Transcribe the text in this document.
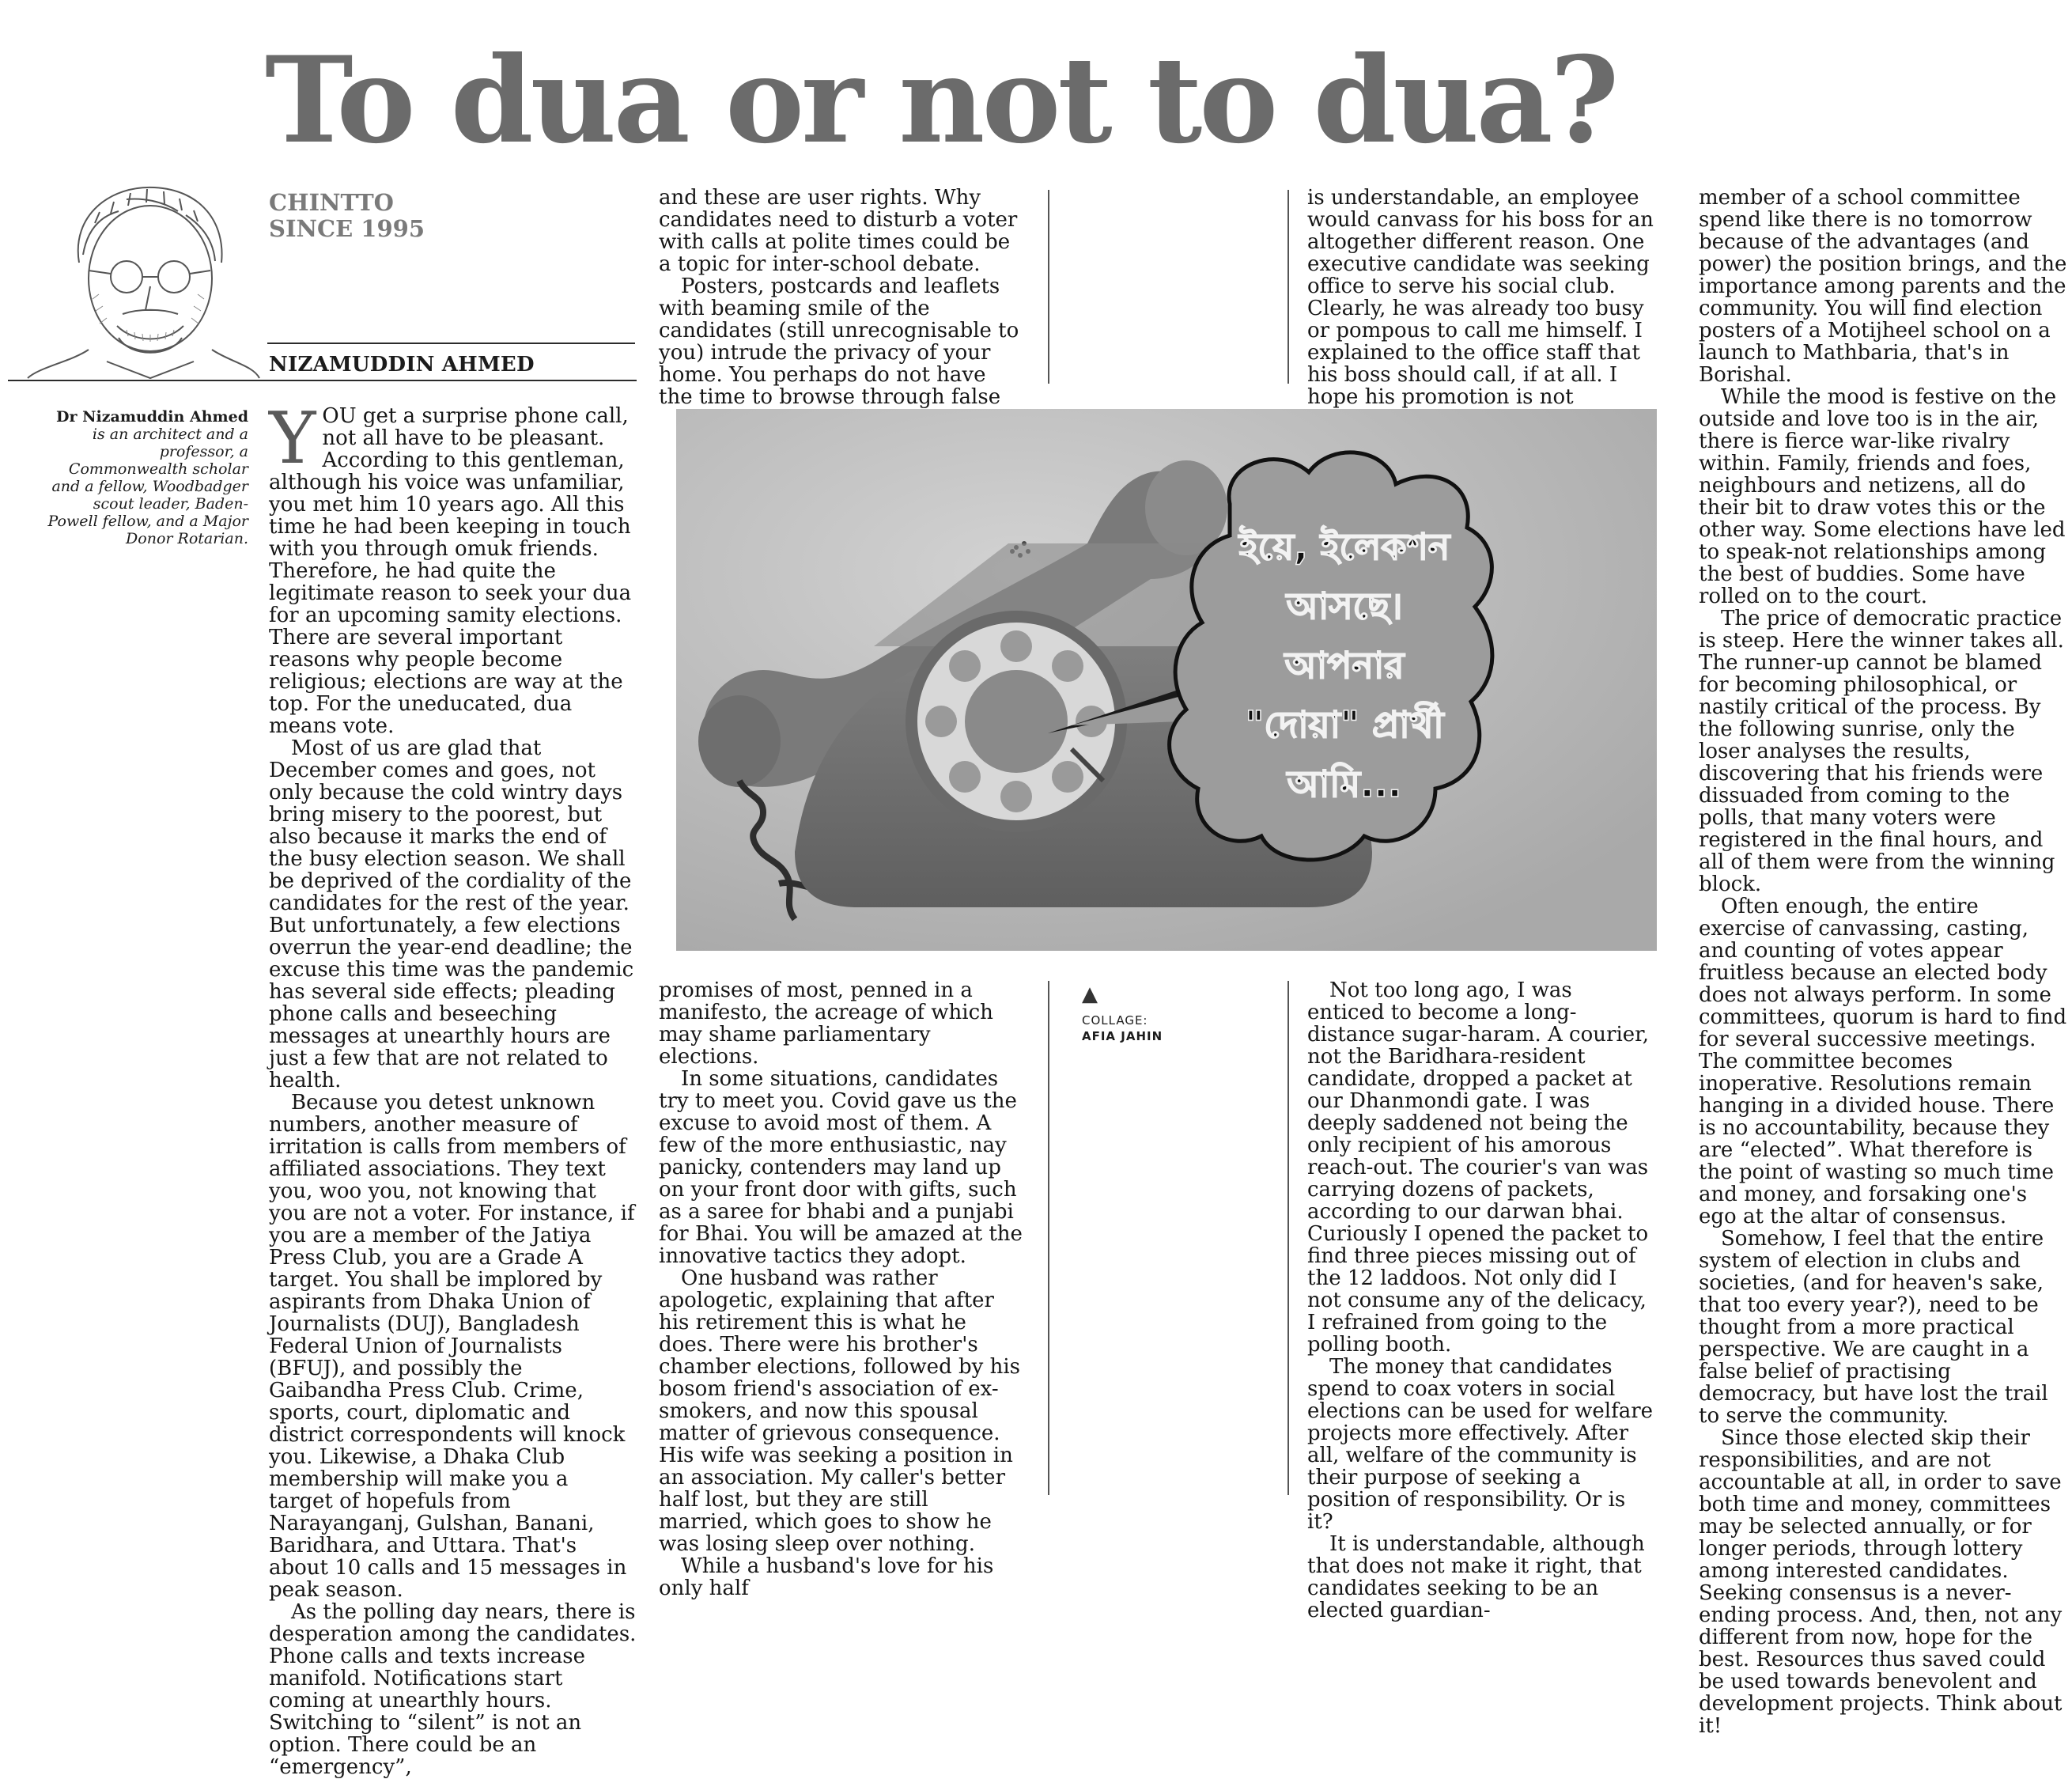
To dua or not to dua?
CHINTTO
SINCE 1995
NIZAMUDDIN AHMED
Dr Nizamuddin Ahmed is an architect and a professor, a Commonwealth scholar and a fellow, Woodbadger scout leader, Baden-Powell fellow, and a Major Donor Rotarian.

YOU get a surprise phone call, not all have to be pleasant. According to this gentleman, although his voice was unfamiliar, you met him 10 years ago. All this time he had been keeping in touch with you through omuk friends. Therefore, he had quite the legitimate reason to seek your dua for an upcoming samity elections. There are several important reasons why people become religious; elections are way at the top. For the uneducated, dua means vote.

Most of us are glad that December comes and goes, not only because the cold wintry days bring misery to the poorest, but also because it marks the end of the busy election season. We shall be deprived of the cordiality of the candidates for the rest of the year. But unfortunately, a few elections overrun the year-end deadline; the excuse this time was the pandemic has several side effects; pleading phone calls and beseeching messages at unearthly hours are just a few that are not related to health.

Because you detest unknown numbers, another measure of irritation is calls from members of affiliated associations. They text you, woo you, not knowing that you are not a voter. For instance, if you are a member of the Jatiya Press Club, you are a Grade A target. You shall be implored by aspirants from Dhaka Union of Journalists (DUJ), Bangladesh Federal Union of Journalists (BFUJ), and possibly the Gaibandha Press Club. Crime, sports, court, diplomatic and district correspondents will knock you. Likewise, a Dhaka Club membership will make you a target of hopefuls from Narayanganj, Gulshan, Banani, Baridhara, and Uttara. That's about 10 calls and 15 messages in peak season.

As the polling day nears, there is desperation among the candidates. Phone calls and texts increase manifold. Notifications start coming at unearthly hours. Switching to “silent” is not an option. There could be an “emergency”,

and these are user rights. Why candidates need to disturb a voter with calls at polite times could be a topic for inter-school debate.

Posters, postcards and leaflets with beaming smile of the candidates (still unrecognisable to you) intrude the privacy of your home. You perhaps do not have the time to browse through false

is understandable, an employee would canvass for his boss for an altogether different reason. One executive candidate was seeking office to serve his social club. Clearly, he was already too busy or pompous to call me himself. I explained to the office staff that his boss should call, if at all. I hope his promotion is not

member of a school committee spend like there is no tomorrow because of the advantages (and power) the position brings, and the importance among parents and the community. You will find election posters of a Motijheel school on a launch to Mathbaria, that's in Borishal.

While the mood is festive on the outside and love too is in the air, there is fierce war-like rivalry within. Family, friends and foes, neighbours and netizens, all do their bit to draw votes this or the other way. Some elections have led to speak-not relationships among the best of buddies. Some have rolled on to the court.

The price of democratic practice is steep. Here the winner takes all. The runner-up cannot be blamed for becoming philosophical, or nastily critical of the process. By the following sunrise, only the loser analyses the results, discovering that his friends were dissuaded from coming to the polls, that many voters were registered in the final hours, and all of them were from the winning block.

Often enough, the entire exercise of canvassing, casting, and counting of votes appear fruitless because an elected body does not always perform. In some committees, quorum is hard to find for several successive meetings. The committee becomes inoperative. Resolutions remain hanging in a divided house. There is no accountability, because they are “elected”. What therefore is the point of wasting so much time and money, and forsaking one's ego at the altar of consensus.

Somehow, I feel that the entire system of election in clubs and societies, (and for heaven's sake, that too every year?), need to be thought from a more practical perspective. We are caught in a false belief of practising democracy, but have lost the trail to serve the community.

Since those elected skip their responsibilities, and are not accountable at all, in order to save both time and money, committees may be selected annually, or for longer periods, through lottery among interested candidates. Seeking consensus is a never-ending process. And, then, not any different from now, hope for the best. Resources thus saved could be used towards benevolent and development projects. Think about it!

promises of most, penned in a manifesto, the acreage of which may shame parliamentary elections.

In some situations, candidates try to meet you. Covid gave us the excuse to avoid most of them. A few of the more enthusiastic, nay panicky, contenders may land up on your front door with gifts, such as a saree for bhabi and a punjabi for Bhai. You will be amazed at the innovative tactics they adopt.

One husband was rather apologetic, explaining that after his retirement this is what he does. There were his brother's chamber elections, followed by his bosom friend's association of ex-smokers, and now this spousal matter of grievous consequence. His wife was seeking a position in an association. My caller's better half lost, but they are still married, which goes to show he was losing sleep over nothing.

While a husband's love for his only half

Not too long ago, I was enticed to become a long-distance sugar-haram. A courier, not the Baridhara-resident candidate, dropped a packet at our Dhanmondi gate. I was deeply saddened not being the only recipient of his amorous reach-out. The courier's van was carrying dozens of packets, according to our darwan bhai. Curiously I opened the packet to find three pieces missing out of the 12 laddoos. Not only did I not consume any of the delicacy, I refrained from going to the polling booth.

The money that candidates spend to coax voters in social elections can be used for welfare projects more effectively. After all, welfare of the community is their purpose of seeking a position of responsibility. Or is it?

It is understandable, although that does not make it right, that candidates seeking to be an elected guardian-

ইয়ে, ইলেকশন
আসছে।
আপনার
"দোয়া" প্রার্থী
আমি...
▲
COLLAGE:
AFIA JAHIN
